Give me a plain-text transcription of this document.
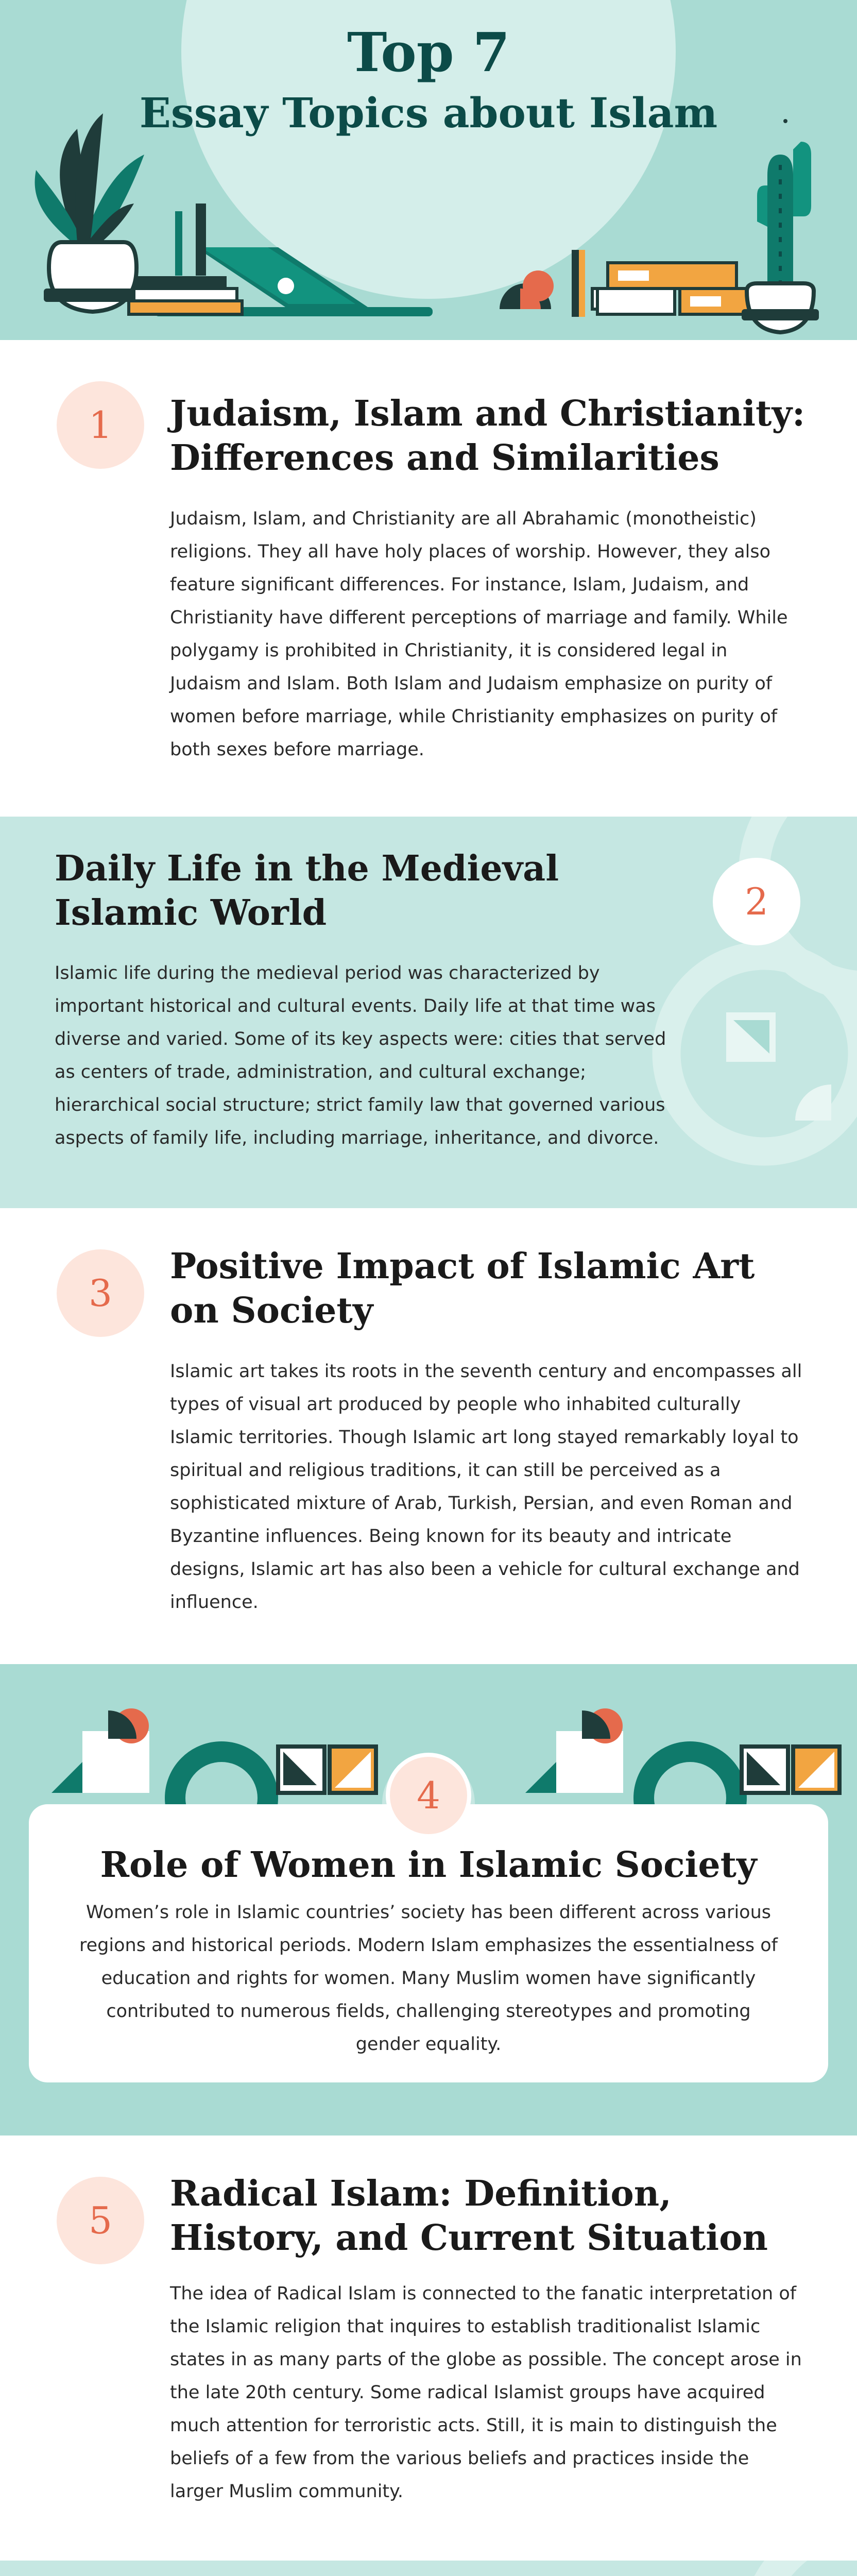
Top 7
Essay Topics about Islam
1	Judaism, Islam and Christianity: Differences and Similarities

Judaism, Islam, and Christianity are all Abrahamic (monotheistic) religions. They all have holy places of worship. However, they also feature significant differences. For instance, Islam, Judaism, and Christianity have different perceptions of marriage and family. While polygamy is prohibited in Christianity, it is considered legal in Judaism and Islam. Both Islam and Judaism emphasize on purity of women before marriage, while Christianity emphasizes on purity of both sexes before marriage.

2
Daily Life in the Medieval Islamic World

Islamic life during the medieval period was characterized by important historical and cultural events. Daily life at that time was diverse and varied. Some of its key aspects were: cities that served as centers of trade, administration, and cultural exchange; hierarchical social structure; strict family law that governed various aspects of family life, including marriage, inheritance, and divorce.

3
Positive Impact of Islamic Art on Society

Islamic art takes its roots in the seventh century and encompasses all types of visual art produced by people who inhabited culturally Islamic territories. Though Islamic art long stayed remarkably loyal to spiritual and religious traditions, it can still be perceived as a sophisticated mixture of Arab, Turkish, Persian, and even Roman and Byzantine influences. Being known for its beauty and intricate designs, Islamic art has also been a vehicle for cultural exchange and influence.

Role of Women in Islamic Society

Women’s role in Islamic countries’ society has been different across various regions and historical periods. Modern Islam emphasizes the essentialness of education and rights for women. Many Muslim women have significantly contributed to numerous fields, challenging stereotypes and promoting gender equality.

4
5
Radical Islam: Definition, History, and Current Situation

The idea of Radical Islam is connected to the fanatic interpretation of the Islamic religion that inquires to establish traditionalist Islamic states in as many parts of the globe as possible. The concept arose in the late 20th century. Some radical Islamist groups have acquired much attention for terroristic acts. Still, it is main to distinguish the beliefs of a few from the various beliefs and practices inside the larger Muslim community.
